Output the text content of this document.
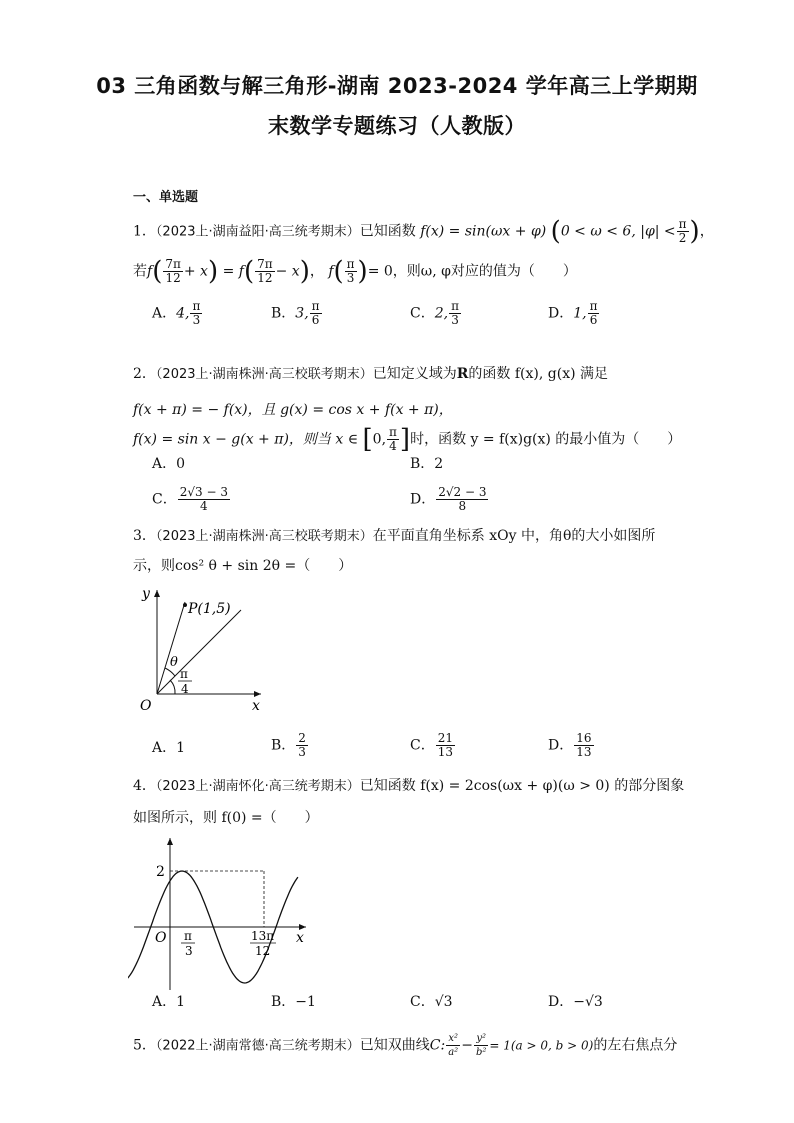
03 三角函数与解三角形-湖南 2023-2024 学年高三上学期期
末数学专题练习（人教版）
一、单选题
1．（2023上·湖南益阳·高三统考期末）已知函数 f(x) = sin(ωx + φ) (0 < ω < 6, $|\varphi| < \frac{\pi}{2}$ )，
若$f( \frac{7\pi}{12} + x) = f( \frac{7\pi}{12} - x)$， $f( \frac{\pi}{3}$ )= 0，则ω, φ对应的值为（　　）
A．4, $\frac{\pi}{3}$	B．3, $\frac{\pi}{6}$	C．2, $\frac{\pi}{3}$	D．1, $\frac{\pi}{6}$
2．（2023上·湖南株洲·高三校联考期末）已知定义域为R的函数 f(x), g(x) 满足
f(x + π) = − f(x)，且 g(x) = cos x + f(x + π)，
f(x) = sin x − g(x + π)，则当 x ∈ [0, $\frac{\pi}{4}$ ]时，函数 y = f(x)g(x) 的最小值为（　　）
A．0	B．2
C． $\frac{2√3 - 3}{4}$	D． $\frac{2√2 - 3}{8}$
3．（2023上·湖南株洲·高三校联考期末）在平面直角坐标系 xOy 中，角θ的大小如图所
示，则cos² θ + sin 2θ =（　　）
y
x
O
P(1,5)
θ
π
4
A．1	B． $\frac{2}{3}$	C． $\frac{21}{13}$	D． $\frac{16}{13}$
4．（2023上·湖南怀化·高三统考期末）已知函数 f(x) = 2cos(ωx + φ)(ω > 0) 的部分图象
如图所示，则 f(0) =（　　）
2
O	x
π
3
13π
12
A．1	B．−1	C．√3	D．−√3
5．（2022上·湖南常德·高三统考期末）已知双曲线C: $\frac{\text{x²}}{\text{a²}} - \frac{\text{y²}}{\text{b²}} = 1(a > 0$, b > 0)的左右焦点分
